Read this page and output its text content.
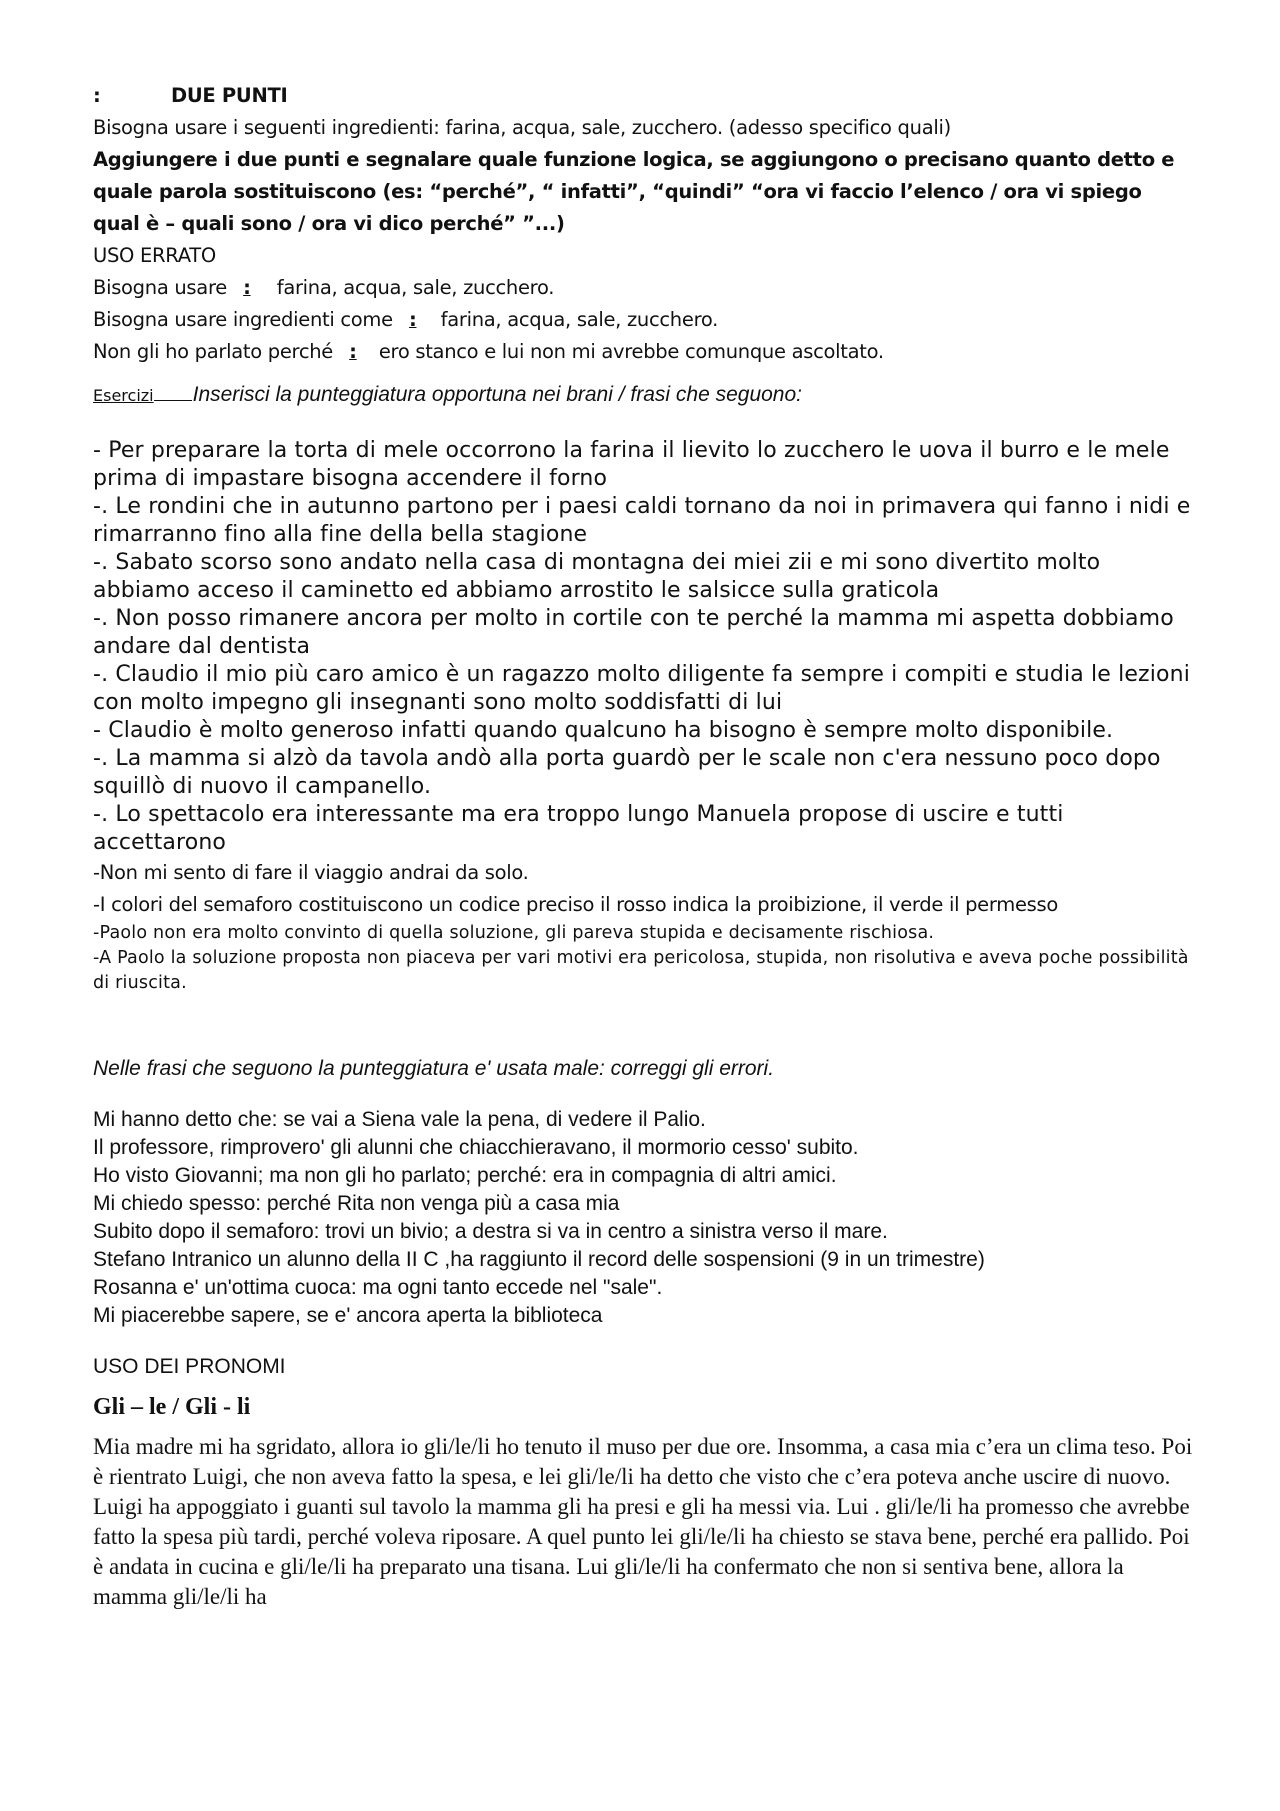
:	DUE PUNTI
Bisogna usare i seguenti ingredienti: farina, acqua, sale, zucchero. (adesso specifico quali)
Aggiungere i due punti e segnalare quale funzione logica, se aggiungono o precisano quanto detto e quale parola sostituiscono (es: “perché”, “ infatti”, “quindi” “ora vi faccio l’elenco / ora vi spiego qual è – quali sono / ora vi dico perché” ”...)
USO ERRATO
Bisogna usare : farina, acqua, sale, zucchero.
Bisogna usare ingredienti come : farina, acqua, sale, zucchero.
Non gli ho parlato perché : ero stanco e lui non mi avrebbe comunque ascoltato.
Esercizi Inserisci la punteggiatura opportuna nei brani / frasi che seguono:
- Per preparare la torta di mele occorrono la farina il lievito lo zucchero le uova il burro e le mele prima di impastare bisogna accendere il forno
-. Le rondini che in autunno partono per i paesi caldi tornano da noi in primavera qui fanno i nidi e rimarranno fino alla fine della bella stagione
-. Sabato scorso sono andato nella casa di montagna dei miei zii e mi sono divertito molto abbiamo acceso il caminetto ed abbiamo arrostito le salsicce sulla graticola
-. Non posso rimanere ancora per molto in cortile con te perché la mamma mi aspetta dobbiamo andare dal dentista
-. Claudio il mio più caro amico è un ragazzo molto diligente fa sempre i compiti e studia le lezioni con molto impegno gli insegnanti sono molto soddisfatti di lui
- Claudio è molto generoso infatti quando qualcuno ha bisogno è sempre molto disponibile.
-. La mamma si alzò da tavola andò alla porta guardò per le scale non c'era nessuno poco dopo squillò di nuovo il campanello.
-. Lo spettacolo era interessante ma era troppo lungo Manuela propose di uscire e tutti accettarono
-Non mi sento di fare il viaggio andrai da solo.
-I colori del semaforo costituiscono un codice preciso il rosso indica la proibizione, il verde il permesso
-Paolo non era molto convinto di quella soluzione, gli pareva stupida e decisamente rischiosa.
-A Paolo la soluzione proposta non piaceva per vari motivi era pericolosa, stupida, non risolutiva e aveva poche possibilità di riuscita.
Nelle frasi che seguono la punteggiatura e' usata male: correggi gli errori.
Mi hanno detto che: se vai a Siena vale la pena, di vedere il Palio.
Il professore, rimprovero' gli alunni che chiacchieravano, il mormorio cesso' subito.
Ho visto Giovanni; ma non gli ho parlato; perché: era in compagnia di altri amici.
Mi chiedo spesso: perché Rita non venga più a casa mia
Subito dopo il semaforo: trovi un bivio; a destra si va in centro a sinistra verso il mare.
Stefano Intranico un alunno della II C ,ha raggiunto il record delle sospensioni (9 in un trimestre)
Rosanna e' un'ottima cuoca: ma ogni tanto eccede nel "sale".
Mi piacerebbe sapere, se e' ancora aperta la biblioteca
USO DEI PRONOMI
Gli – le / Gli - li
Mia madre mi ha sgridato, allora io gli/le/li ho tenuto il muso per due ore. Insomma, a casa mia c’era un clima teso. Poi è rientrato Luigi, che non aveva fatto la spesa, e lei gli/le/li ha detto che visto che c’era poteva anche uscire di nuovo. Luigi ha appoggiato i guanti sul tavolo la mamma gli ha presi e gli ha messi via. Lui . gli/le/li ha promesso che avrebbe fatto la spesa più tardi, perché voleva riposare. A quel punto lei gli/le/li ha chiesto se stava bene, perché era pallido. Poi è andata in cucina e gli/le/li ha preparato una tisana. Lui gli/le/li ha confermato che non si sentiva bene, allora la mamma gli/le/li ha
